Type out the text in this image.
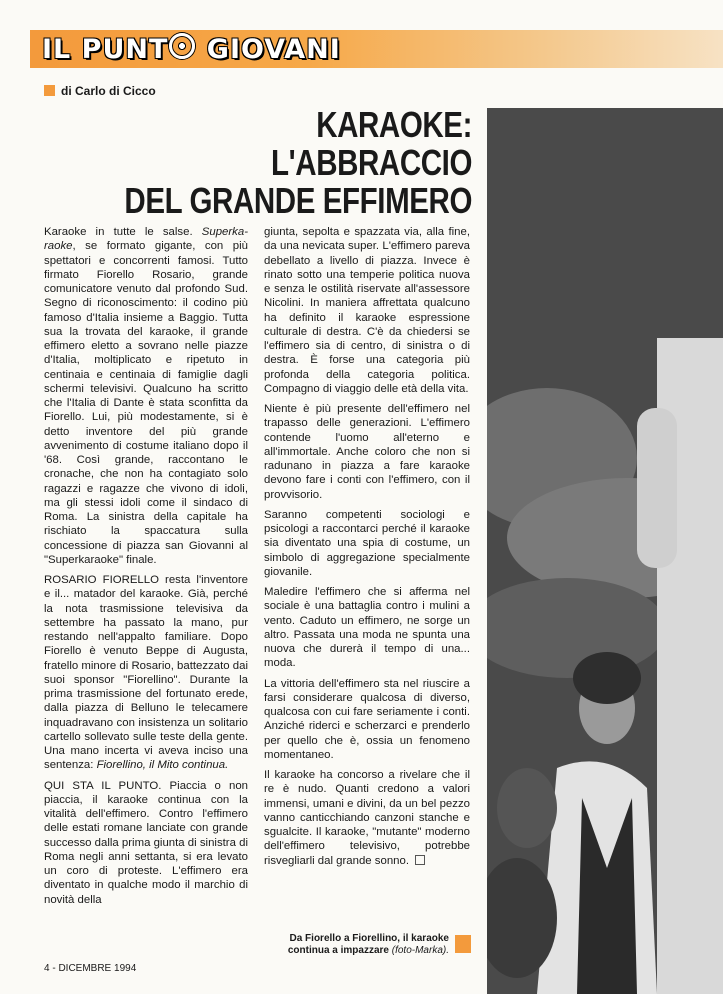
IL PUNT GIOVANI
di Carlo di Cicco
KARAOKE: L'ABBRACCIO
DEL GRANDE EFFIMERO

Karaoke in tutte le salse. Superka-raoke, se formato gigante, con più spettatori e concorrenti famosi. Tutto firmato Fiorello Rosario, grande comunicatore venuto dal profondo Sud. Segno di riconoscimento: il codino più famoso d'Italia insieme a Baggio. Tutta sua la trovata del karaoke, il grande effimero eletto a sovrano nelle piazze d'Italia, moltiplicato e ripetuto in centinaia e centinaia di famiglie dagli schermi televisivi. Qualcuno ha scritto che l'Italia di Dante è stata sconfitta da Fiorello. Lui, più modestamente, si è detto inventore del più grande avvenimento di costume italiano dopo il '68. Così grande, raccontano le cronache, che non ha contagiato solo ragazzi e ragazze che vivono di idoli, ma gli stessi idoli come il sindaco di Roma. La sinistra della capitale ha rischiato la spaccatura sulla concessione di piazza san Giovanni al "Superkaraoke" finale.

ROSARIO FIORELLO resta l'inventore e il... matador del karaoke. Già, perché la nota trasmissione televisiva da settembre ha passato la mano, pur restando nell'appalto familiare. Dopo Fiorello è venuto Beppe di Augusta, fratello minore di Rosario, battezzato dai suoi sponsor "Fiorellino". Durante la prima trasmissione del fortunato erede, dalla piazza di Belluno le telecamere inquadravano con insistenza un solitario cartello sollevato sulle teste della gente. Una mano incerta vi aveva inciso una sentenza: Fiorellino, il Mito continua.

QUI STA IL PUNTO. Piaccia o non piaccia, il karaoke continua con la vitalità dell'effimero. Contro l'effimero delle estati romane lanciate con grande successo dalla prima giunta di sinistra di Roma negli anni settanta, si era levato un coro di proteste. L'effimero era diventato in qualche modo il marchio di novità della

giunta, sepolta e spazzata via, alla fine, da una nevicata super. L'effimero pareva debellato a livello di piazza. Invece è rinato sotto una temperie politica nuova e senza le ostilità riservate all'assessore Nicolini. In maniera affrettata qualcuno ha definito il karaoke espressione culturale di destra. C'è da chiedersi se l'effimero sia di centro, di sinistra o di destra. È forse una categoria più profonda della categoria politica. Compagno di viaggio delle età della vita.

Niente è più presente dell'effimero nel trapasso delle generazioni. L'effimero contende l'uomo all'eterno e all'immortale. Anche coloro che non si radunano in piazza a fare karaoke devono fare i conti con l'effimero, con il provvisorio.

Saranno competenti sociologi e psicologi a raccontarci perché il karaoke sia diventato una spia di costume, un simbolo di aggregazione specialmente giovanile.

Maledire l'effimero che si afferma nel sociale è una battaglia contro i mulini a vento. Caduto un effimero, ne sorge un altro. Passata una moda ne spunta una nuova che durerà il tempo di una... moda.

La vittoria dell'effimero sta nel riuscire a farsi considerare qualcosa di diverso, qualcosa con cui fare seriamente i conti. Anziché riderci e scherzarci e prenderlo per quello che è, ossia un fenomeno momentaneo.

Il karaoke ha concorso a rivelare che il re è nudo. Quanti credono a valori immensi, umani e divini, da un bel pezzo vanno canticchiando canzoni stanche e sgualcite. Il karaoke, "mutante" moderno dell'effimero televisivo, potrebbe risvegliarli dal grande sonno.

Da Fiorello a Fiorellino, il karaoke continua a impazzare (foto-Marka).
4 - DICEMBRE 1994
